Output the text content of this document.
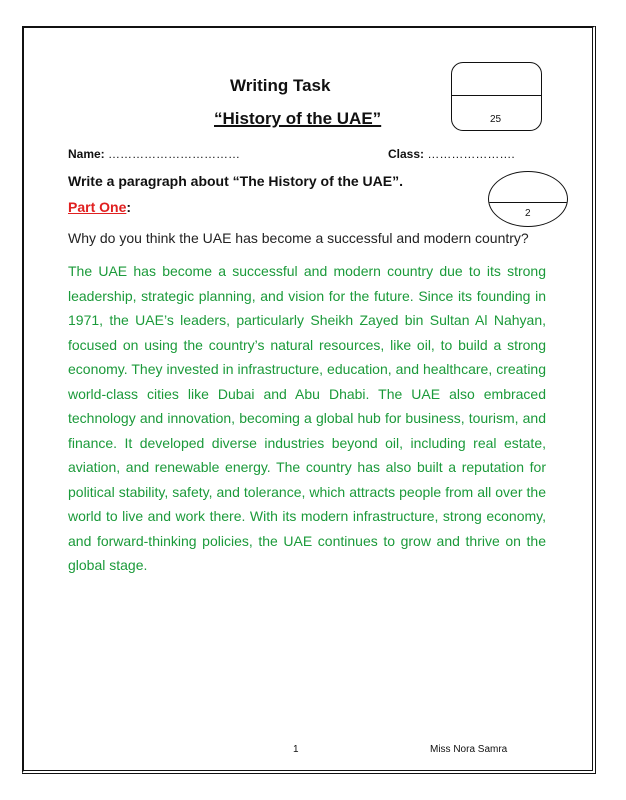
Writing Task
“History of the UAE”	25
Name: ……………………………	Class: ………………….
Write a paragraph about “The History of the UAE”.
2
Part One:
Why do you think the UAE has become a successful and modern country?

The UAE has become a successful and modern country due to its strong leadership, strategic planning, and vision for the future. Since its founding in 1971, the UAE’s leaders, particularly Sheikh Zayed bin Sultan Al Nahyan, focused on using the country’s natural resources, like oil, to build a strong economy. They invested in infrastructure, education, and healthcare, creating world-class cities like Dubai and Abu Dhabi. The UAE also embraced technology and innovation, becoming a global hub for business, tourism, and finance. It developed diverse industries beyond oil, including real estate, aviation, and renewable energy. The country has also built a reputation for political stability, safety, and tolerance, which attracts people from all over the world to live and work there. With its modern infrastructure, strong economy, and forward-thinking policies, the UAE continues to grow and thrive on the global stage.

1	Miss Nora Samra
